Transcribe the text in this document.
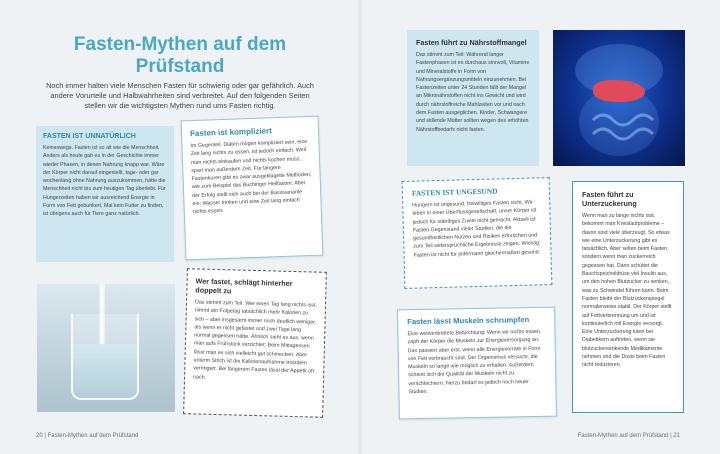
Fasten-Mythen auf dem Prüfstand

Noch immer halten viele Menschen Fasten für schwierig oder gar gefährlich. Auch andere Vorurteile und Halbwahrheiten sind verbreitet. Auf den folgenden Seiten stellen wir die wichtigsten Mythen rund ums Fasten richtig.

FASTEN IST UNNATÜRLICH
Keineswegs. Fasten ist so alt wie die Menschheit. Anders als heute gab es in der Geschichte immer wieder Phasen, in denen Nahrung knapp war. Wäre der Körper nicht darauf eingestellt, tage- oder gar wochenlang ohne Nahrung auszukommen, hätte die Menschheit nicht bis zum heutigen Tag überlebt. Für Hungerzeiten haben wir ausreichend Energie in Form von Fett gebunkert. Mal kein Futter zu finden, ist übrigens auch für Tiere ganz natürlich.
Fasten ist kompliziert
Im Gegenteil. Diäten mögen kompliziert sein, eine Zeit lang nichts zu essen, ist jedoch einfach. Weil man nichts einkaufen und nichts kochen muss, spart man außerdem Zeit. Für längere Fastenkuren gibt es zwar ausgeklügelte Methoden, wie zum Beispiel das Buchinger Heilfasten. Aber der Erfolg stellt sich auch bei der Basisvariante ein: Wasser trinken und eine Zeit lang einfach nichts essen.
Wer fastet, schlägt hinterher doppelt zu
Das stimmt zum Teil. Wer einen Tag lang nichts isst, nimmt am Folgetag tatsächlich mehr Kalorien zu sich – aber insgesamt immer noch deutlich weniger, als wenn er nicht gefastet und zwei Tage lang normal gegessen hätte. Ähnlich sieht es aus, wenn man aufs Frühstück verzichtet: Beim Mittagessen lässt man es sich vielleicht gut schmecken. Aber unterm Strich ist die Kalorienaufnahme trotzdem verringert. Bei längerem Fasten lässt der Appetit oft nach.
20 | Fasten-Mythen auf dem Prüfstand
Fasten führt zu Nährstoffmangel
Das stimmt zum Teil: Während langer Fastenphasen ist es durchaus sinnvoll, Vitamine und Mineralstoffe in Form von Nahrungsergänzungsmitteln einzunehmen. Bei Fastenzeiten unter 24 Stunden fällt der Mangel an Mikronährstoffen nicht ins Gewicht und wird durch nährstoffreiche Mahlzeiten vor und nach dem Fasten ausgeglichen. Kinder, Schwangere und stillende Mütter sollten wegen des erhöhten Nährstoffbedarfs nicht fasten.
FASTEN IST UNGESUND
Hungern ist ungesund, freiwilliges Fasten nicht. Wir leben in einer Überflussgesellschaft, unser Körper ist jedoch für ständiges Zuviel nicht gemacht. Aktuell ist Fasten Gegenstand vieler Studien, die die gesundheitlichen Nutzen und Risiken erforschen und zum Teil widersprüchliche Ergebnisse zeigen. Wichtig: Fasten ist nicht für jedermann gleichermaßen gesund.
Fasten lässt Muskeln schrumpfen
Eine weitverbreitete Befürchtung: Wenn wir nichts essen, zapft der Körper die Muskeln zur Energieversorgung an. Das passiert aber erst, wenn alle Energievorräte in Form von Fett verbraucht sind. Der Organismus versucht, die Muskeln so lange wie möglich zu erhalten. Außerdem scheint sich die Qualität der Muskeln nicht zu verschlechtern; hierzu bedarf es jedoch noch neuer Studien.
Fasten führt zu Unterzuckerung
Wenn man zu lange nichts isst, bekommt man Kreislaufprobleme – davon sind viele überzeugt. So etwas wie eine Unterzuckerung gibt es tatsächlich. Aber selten beim Fasten, sondern wenn man zuckerreich gegessen hat. Dann schüttet die Bauchspeicheldrüse viel Insulin aus, um den hohen Blutzucker zu senken, was zu Schwindel führen kann. Beim Fasten bleibt der Blutzuckerspiegel normalerweise stabil. Der Körper stellt auf Fettverbrennung um und ist kontinuierlich mit Energie versorgt. Eine Unterzuckerung kann bei Diabetikern auftreten, wenn sie blutzuckersenkende Medikamente nehmen und die Dosis beim Fasten nicht reduzieren.
Fasten-Mythen auf dem Prüfstand | 21
